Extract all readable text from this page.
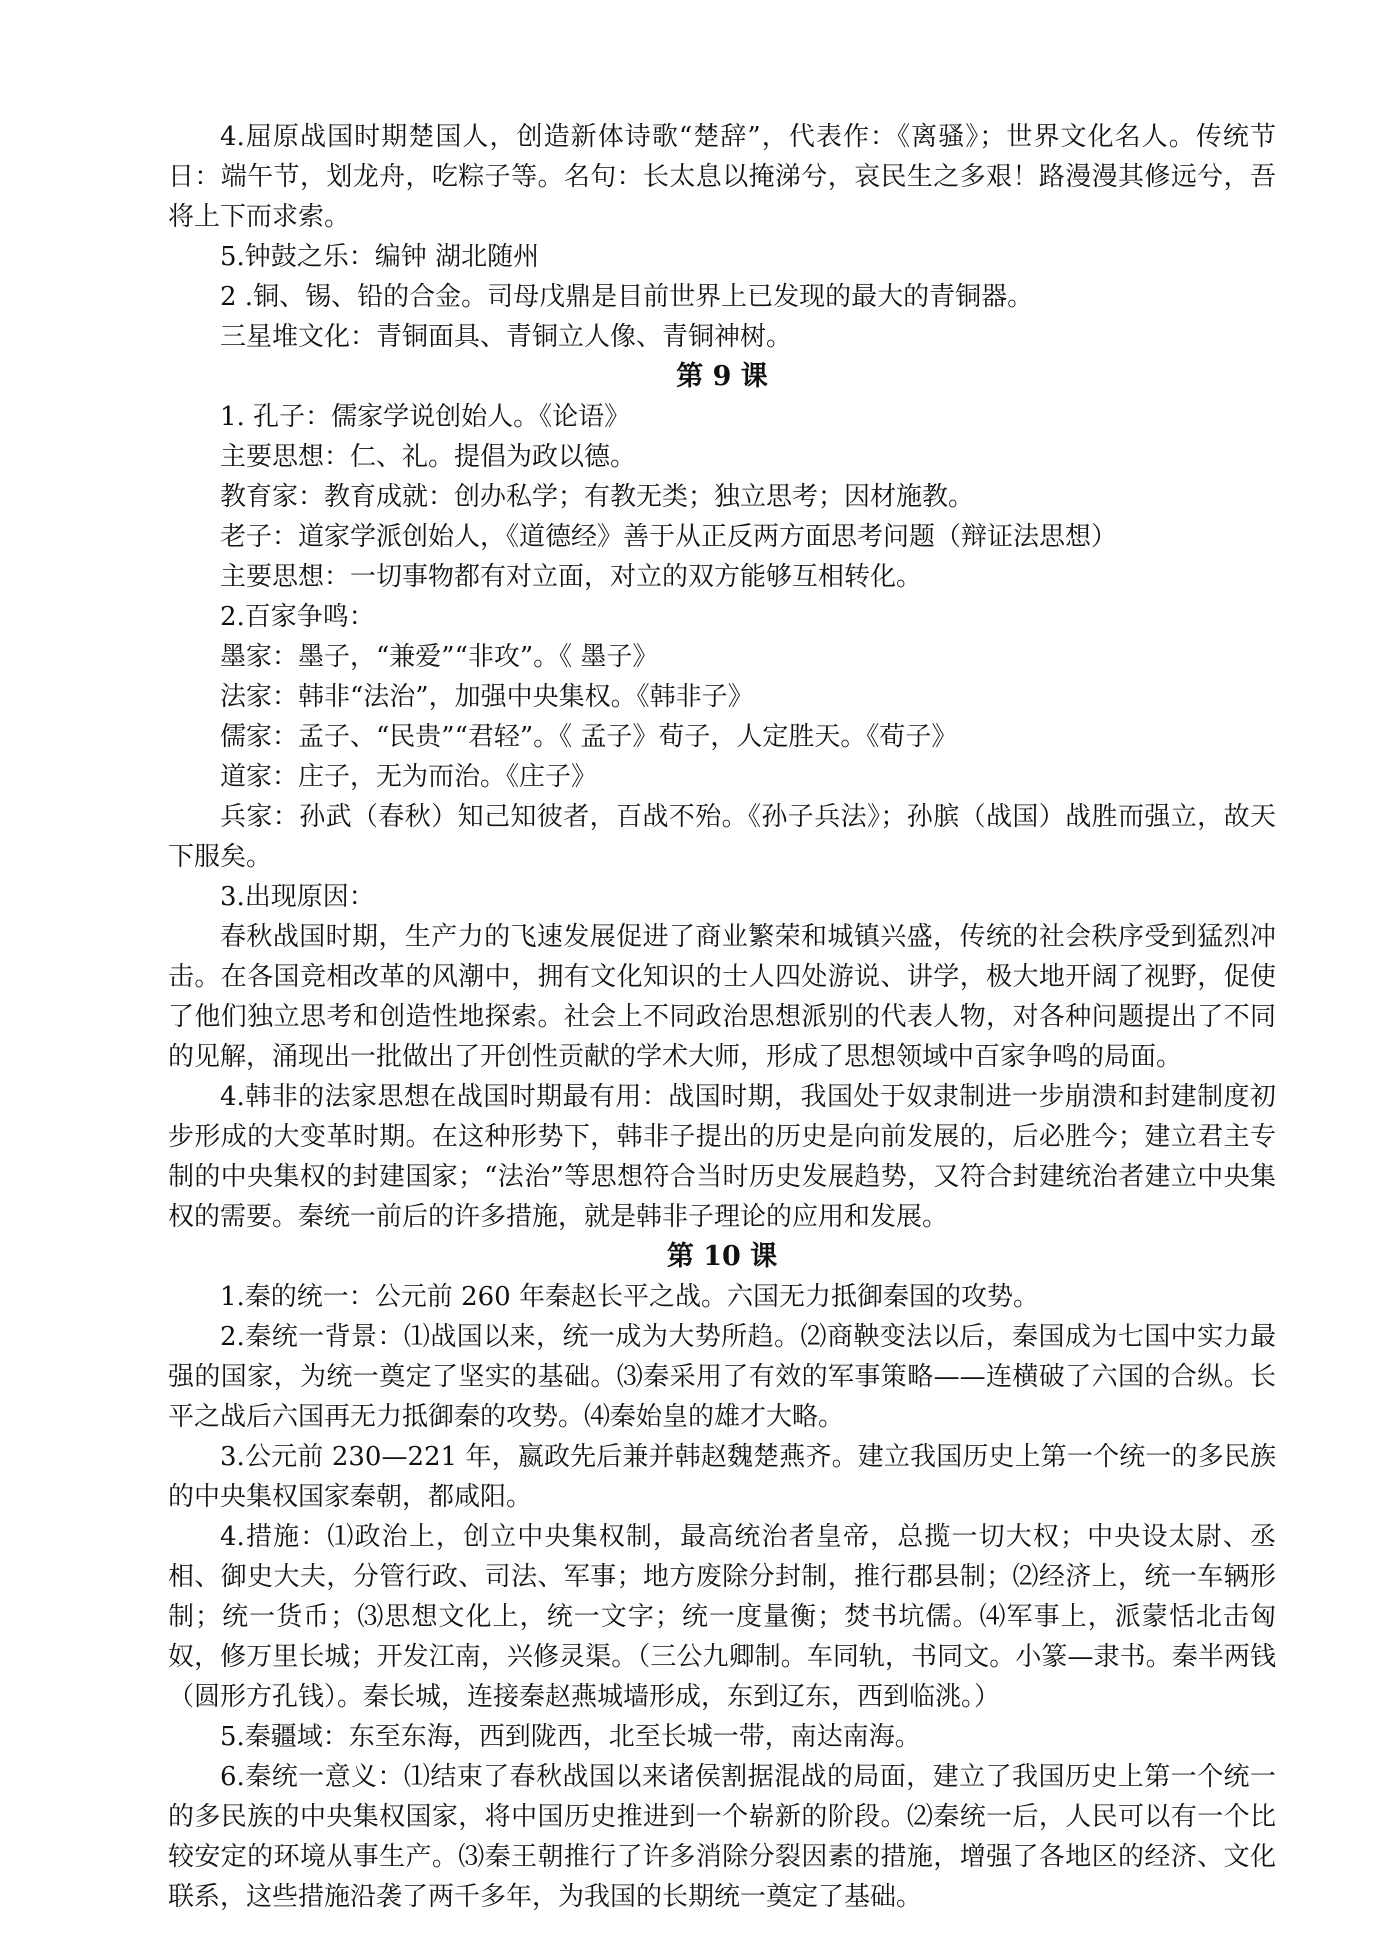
4.屈原战国时期楚国人，创造新体诗歌“楚辞”，代表作：《离骚》；世界文化名人。传统节日：端午节，划龙舟，吃粽子等。名句：长太息以掩涕兮，哀民生之多艰！路漫漫其修远兮，吾将上下而求索。

5.钟鼓之乐：编钟 湖北随州

2 .铜、锡、铅的合金。司母戊鼎是目前世界上已发现的最大的青铜器。

三星堆文化：青铜面具、青铜立人像、青铜神树。

第 9 课

1. 孔子：儒家学说创始人。《论语》

主要思想：仁、礼。提倡为政以德。

教育家：教育成就：创办私学；有教无类；独立思考；因材施教。

老子：道家学派创始人，《道德经》善于从正反两方面思考问题（辩证法思想）

主要思想：一切事物都有对立面，对立的双方能够互相转化。

2.百家争鸣：

墨家：墨子，“兼爱”“非攻”。《 墨子》

法家：韩非“法治”，加强中央集权。《韩非子》

儒家：孟子、“民贵”“君轻”。《 孟子》荀子，人定胜天。《荀子》

道家：庄子，无为而治。《庄子》

兵家：孙武（春秋）知己知彼者，百战不殆。《孙子兵法》；孙膑（战国）战胜而强立，故天下服矣。

3.出现原因：

春秋战国时期，生产力的飞速发展促进了商业繁荣和城镇兴盛，传统的社会秩序受到猛烈冲击。在各国竞相改革的风潮中，拥有文化知识的士人四处游说、讲学，极大地开阔了视野，促使了他们独立思考和创造性地探索。社会上不同政治思想派别的代表人物，对各种问题提出了不同的见解，涌现出一批做出了开创性贡献的学术大师，形成了思想领域中百家争鸣的局面。

4.韩非的法家思想在战国时期最有用：战国时期，我国处于奴隶制进一步崩溃和封建制度初步形成的大变革时期。在这种形势下，韩非子提出的历史是向前发展的，后必胜今；建立君主专制的中央集权的封建国家；“法治”等思想符合当时历史发展趋势，又符合封建统治者建立中央集权的需要。秦统一前后的许多措施，就是韩非子理论的应用和发展。

第 10 课

1.秦的统一：公元前 260 年秦赵长平之战。六国无力抵御秦国的攻势。

2.秦统一背景：⑴战国以来，统一成为大势所趋。⑵商鞅变法以后，秦国成为七国中实力最强的国家，为统一奠定了坚实的基础。⑶秦采用了有效的军事策略——连横破了六国的合纵。长平之战后六国再无力抵御秦的攻势。⑷秦始皇的雄才大略。

3.公元前 230—221 年，嬴政先后兼并韩赵魏楚燕齐。建立我国历史上第一个统一的多民族的中央集权国家秦朝，都咸阳。

4.措施：⑴政治上，创立中央集权制，最高统治者皇帝，总揽一切大权；中央设太尉、丞相、御史大夫，分管行政、司法、军事；地方废除分封制，推行郡县制；⑵经济上，统一车辆形制；统一货币；⑶思想文化上，统一文字；统一度量衡；焚书坑儒。⑷军事上，派蒙恬北击匈奴，修万里长城；开发江南，兴修灵渠。（三公九卿制。车同轨，书同文。小篆—隶书。秦半两钱（圆形方孔钱）。秦长城，连接秦赵燕城墙形成，东到辽东，西到临洮。）

5.秦疆域：东至东海，西到陇西，北至长城一带，南达南海。

6.秦统一意义：⑴结束了春秋战国以来诸侯割据混战的局面，建立了我国历史上第一个统一的多民族的中央集权国家，将中国历史推进到一个崭新的阶段。⑵秦统一后，人民可以有一个比较安定的环境从事生产。⑶秦王朝推行了许多消除分裂因素的措施，增强了各地区的经济、文化联系，这些措施沿袭了两千多年，为我国的长期统一奠定了基础。
